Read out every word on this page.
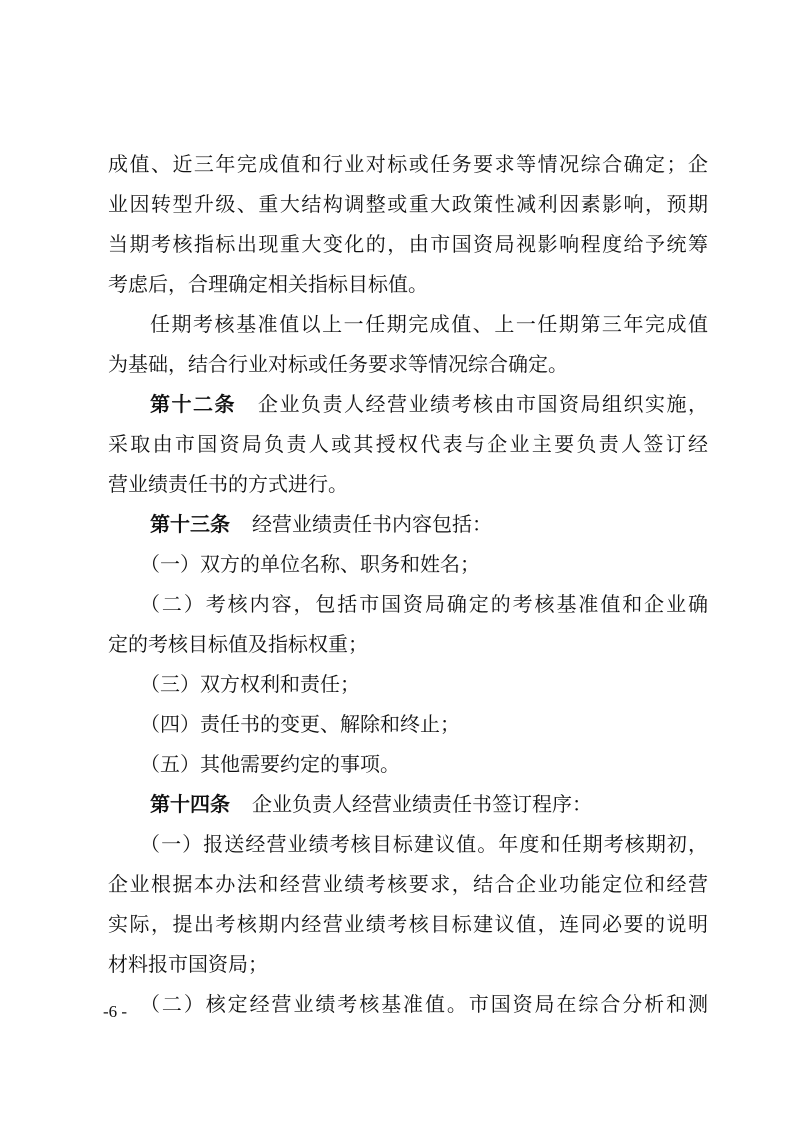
成值、近三年完成值和行业对标或任务要求等情况综合确定；企
业因转型升级、重大结构调整或重大政策性减利因素影响，预期
当期考核指标出现重大变化的，由市国资局视影响程度给予统筹
考虑后，合理确定相关指标目标值。
任期考核基准值以上一任期完成值、上一任期第三年完成值
为基础，结合行业对标或任务要求等情况综合确定。
第十二条 企业负责人经营业绩考核由市国资局组织实施，
采取由市国资局负责人或其授权代表与企业主要负责人签订经
营业绩责任书的方式进行。
第十三条 经营业绩责任书内容包括：
（一）双方的单位名称、职务和姓名；
（二）考核内容，包括市国资局确定的考核基准值和企业确
定的考核目标值及指标权重；
（三）双方权利和责任；
（四）责任书的变更、解除和终止；
（五）其他需要约定的事项。
第十四条 企业负责人经营业绩责任书签订程序：
（一）报送经营业绩考核目标建议值。年度和任期考核期初，
企业根据本办法和经营业绩考核要求，结合企业功能定位和经营
实际，提出考核期内经营业绩考核目标建议值，连同必要的说明
材料报市国资局；
（二）核定经营业绩考核基准值。市国资局在综合分析和测
-6 -
